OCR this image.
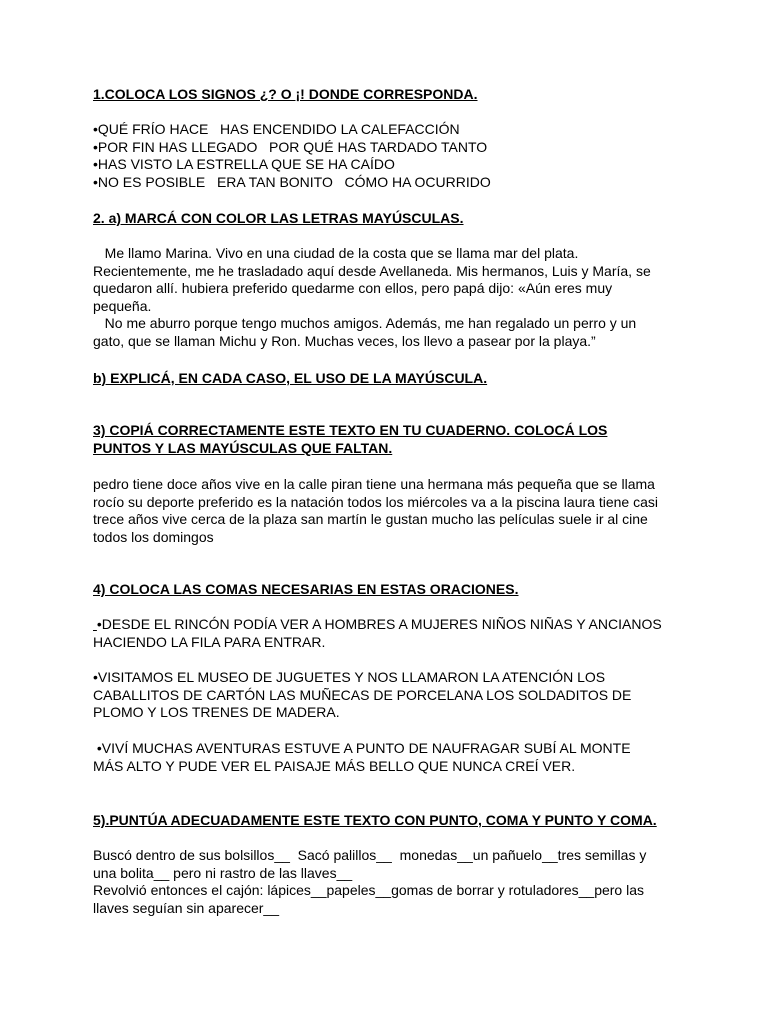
1.COLOCA LOS SIGNOS ¿? O ¡! DONDE CORRESPONDA.

•QUÉ FRÍO HACE   HAS ENCENDIDO LA CALEFACCIÓN
•POR FIN HAS LLEGADO   POR QUÉ HAS TARDADO TANTO
•HAS VISTO LA ESTRELLA QUE SE HA CAÍDO
•NO ES POSIBLE   ERA TAN BONITO   CÓMO HA OCURRIDO

2. a) MARCÁ CON COLOR LAS LETRAS MAYÚSCULAS.

Me llamo Marina. Vivo en una ciudad de la costa que se llama mar del plata.

Recientemente, me he trasladado aquí desde Avellaneda. Mis hermanos, Luis y María, se

quedaron allí. hubiera preferido quedarme con ellos, pero papá dijo: «Aún eres muy

pequeña.

No me aburro porque tengo muchos amigos. Además, me han regalado un perro y un

gato, que se llaman Michu y Ron. Muchas veces, los llevo a pasear por la playa.”

b) EXPLICÁ, EN CADA CASO, EL USO DE LA MAYÚSCULA.

3) COPIÁ CORRECTAMENTE ESTE TEXTO EN TU CUADERNO. COLOCÁ LOS

PUNTOS Y LAS MAYÚSCULAS QUE FALTAN.

pedro tiene doce años vive en la calle piran tiene una hermana más pequeña que se llama

rocío su deporte preferido es la natación todos los miércoles va a la piscina laura tiene casi

trece años vive cerca de la plaza san martín le gustan mucho las películas suele ir al cine

todos los domingos

4) COLOCA LAS COMAS NECESARIAS EN ESTAS ORACIONES.

•DESDE EL RINCÓN PODÍA VER A HOMBRES A MUJERES NIÑOS NIÑAS Y ANCIANOS

HACIENDO LA FILA PARA ENTRAR.

•VISITAMOS EL MUSEO DE JUGUETES Y NOS LLAMARON LA ATENCIÓN LOS

CABALLITOS DE CARTÓN LAS MUÑECAS DE PORCELANA LOS SOLDADITOS DE

PLOMO Y LOS TRENES DE MADERA.

•VIVÍ MUCHAS AVENTURAS ESTUVE A PUNTO DE NAUFRAGAR SUBÍ AL MONTE

MÁS ALTO Y PUDE VER EL PAISAJE MÁS BELLO QUE NUNCA CREÍ VER.

5).PUNTÚA ADECUADAMENTE ESTE TEXTO CON PUNTO, COMA Y PUNTO Y COMA.

Buscó dentro de sus bolsillos__  Sacó palillos__  monedas__un pañuelo__tres semillas y

una bolita__ pero ni rastro de las llaves__

Revolvió entonces el cajón: lápices__papeles__gomas de borrar y rotuladores__pero las

llaves seguían sin aparecer__
